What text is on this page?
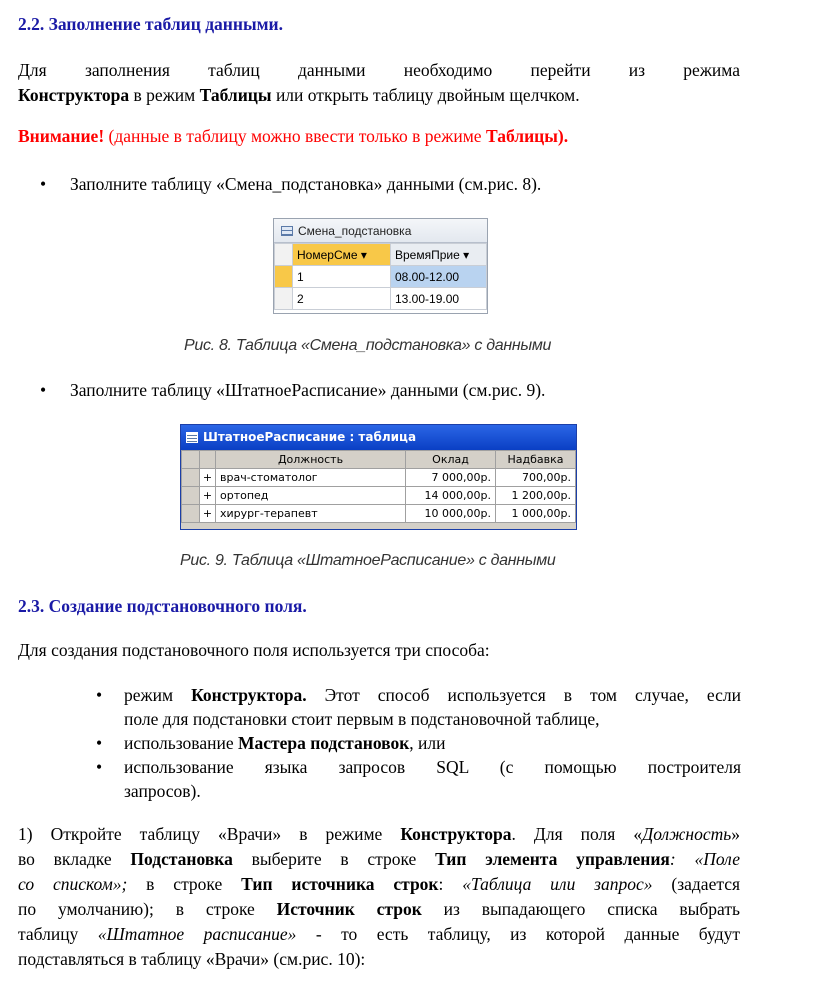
2.2. Заполнение таблиц данными.
Для заполнения таблиц данными необходимо перейти из режима
Конструктора в режим Таблицы или открыть таблицу двойным щелчком.
Внимание! (данные в таблицу можно ввести только в режиме Таблицы).
• Заполните таблицу «Смена_подстановка» данными (см.рис. 8).
Смена_подстановка
	НомерСме ▾	ВремяПрие ▾
	1	08.00-12.00
	2	13.00-19.00
Рис. 8. Таблица «Смена_подстановка» с данными
• Заполните таблицу «ШтатноеРасписание» данными (см.рис. 9).
ШтатноеРасписание : таблица
		Должность	Оклад	Надбавка
	+	врач-стоматолог	7 000,00р.	700,00р.
	+	ортопед	14 000,00р.	1 200,00р.
	+	хирург-терапевт	10 000,00р.	1 000,00р.
Рис. 9. Таблица «ШтатноеРасписание» с данными
2.3. Создание подстановочного поля.
Для создания подстановочного поля используется три способа:
• режим Конструктора. Этот способ используется в том случае, если
поле для подстановки стоит первым в подстановочной таблице,
• использование Мастера подстановок, или
• использование языка запросов SQL (с помощью построителя
запросов).
1) Откройте таблицу «Врачи» в режиме Конструктора. Для поля «Должность»
во вкладке Подстановка выберите в строке Тип элемента управления: «Поле
со списком»; в строке Тип источника строк: «Таблица или запрос» (задается
по умолчанию); в строке Источник строк из выпадающего списка выбрать
таблицу «Штатное расписание» - то есть таблицу, из которой данные будут
подставляться в таблицу «Врачи» (см.рис. 10):
